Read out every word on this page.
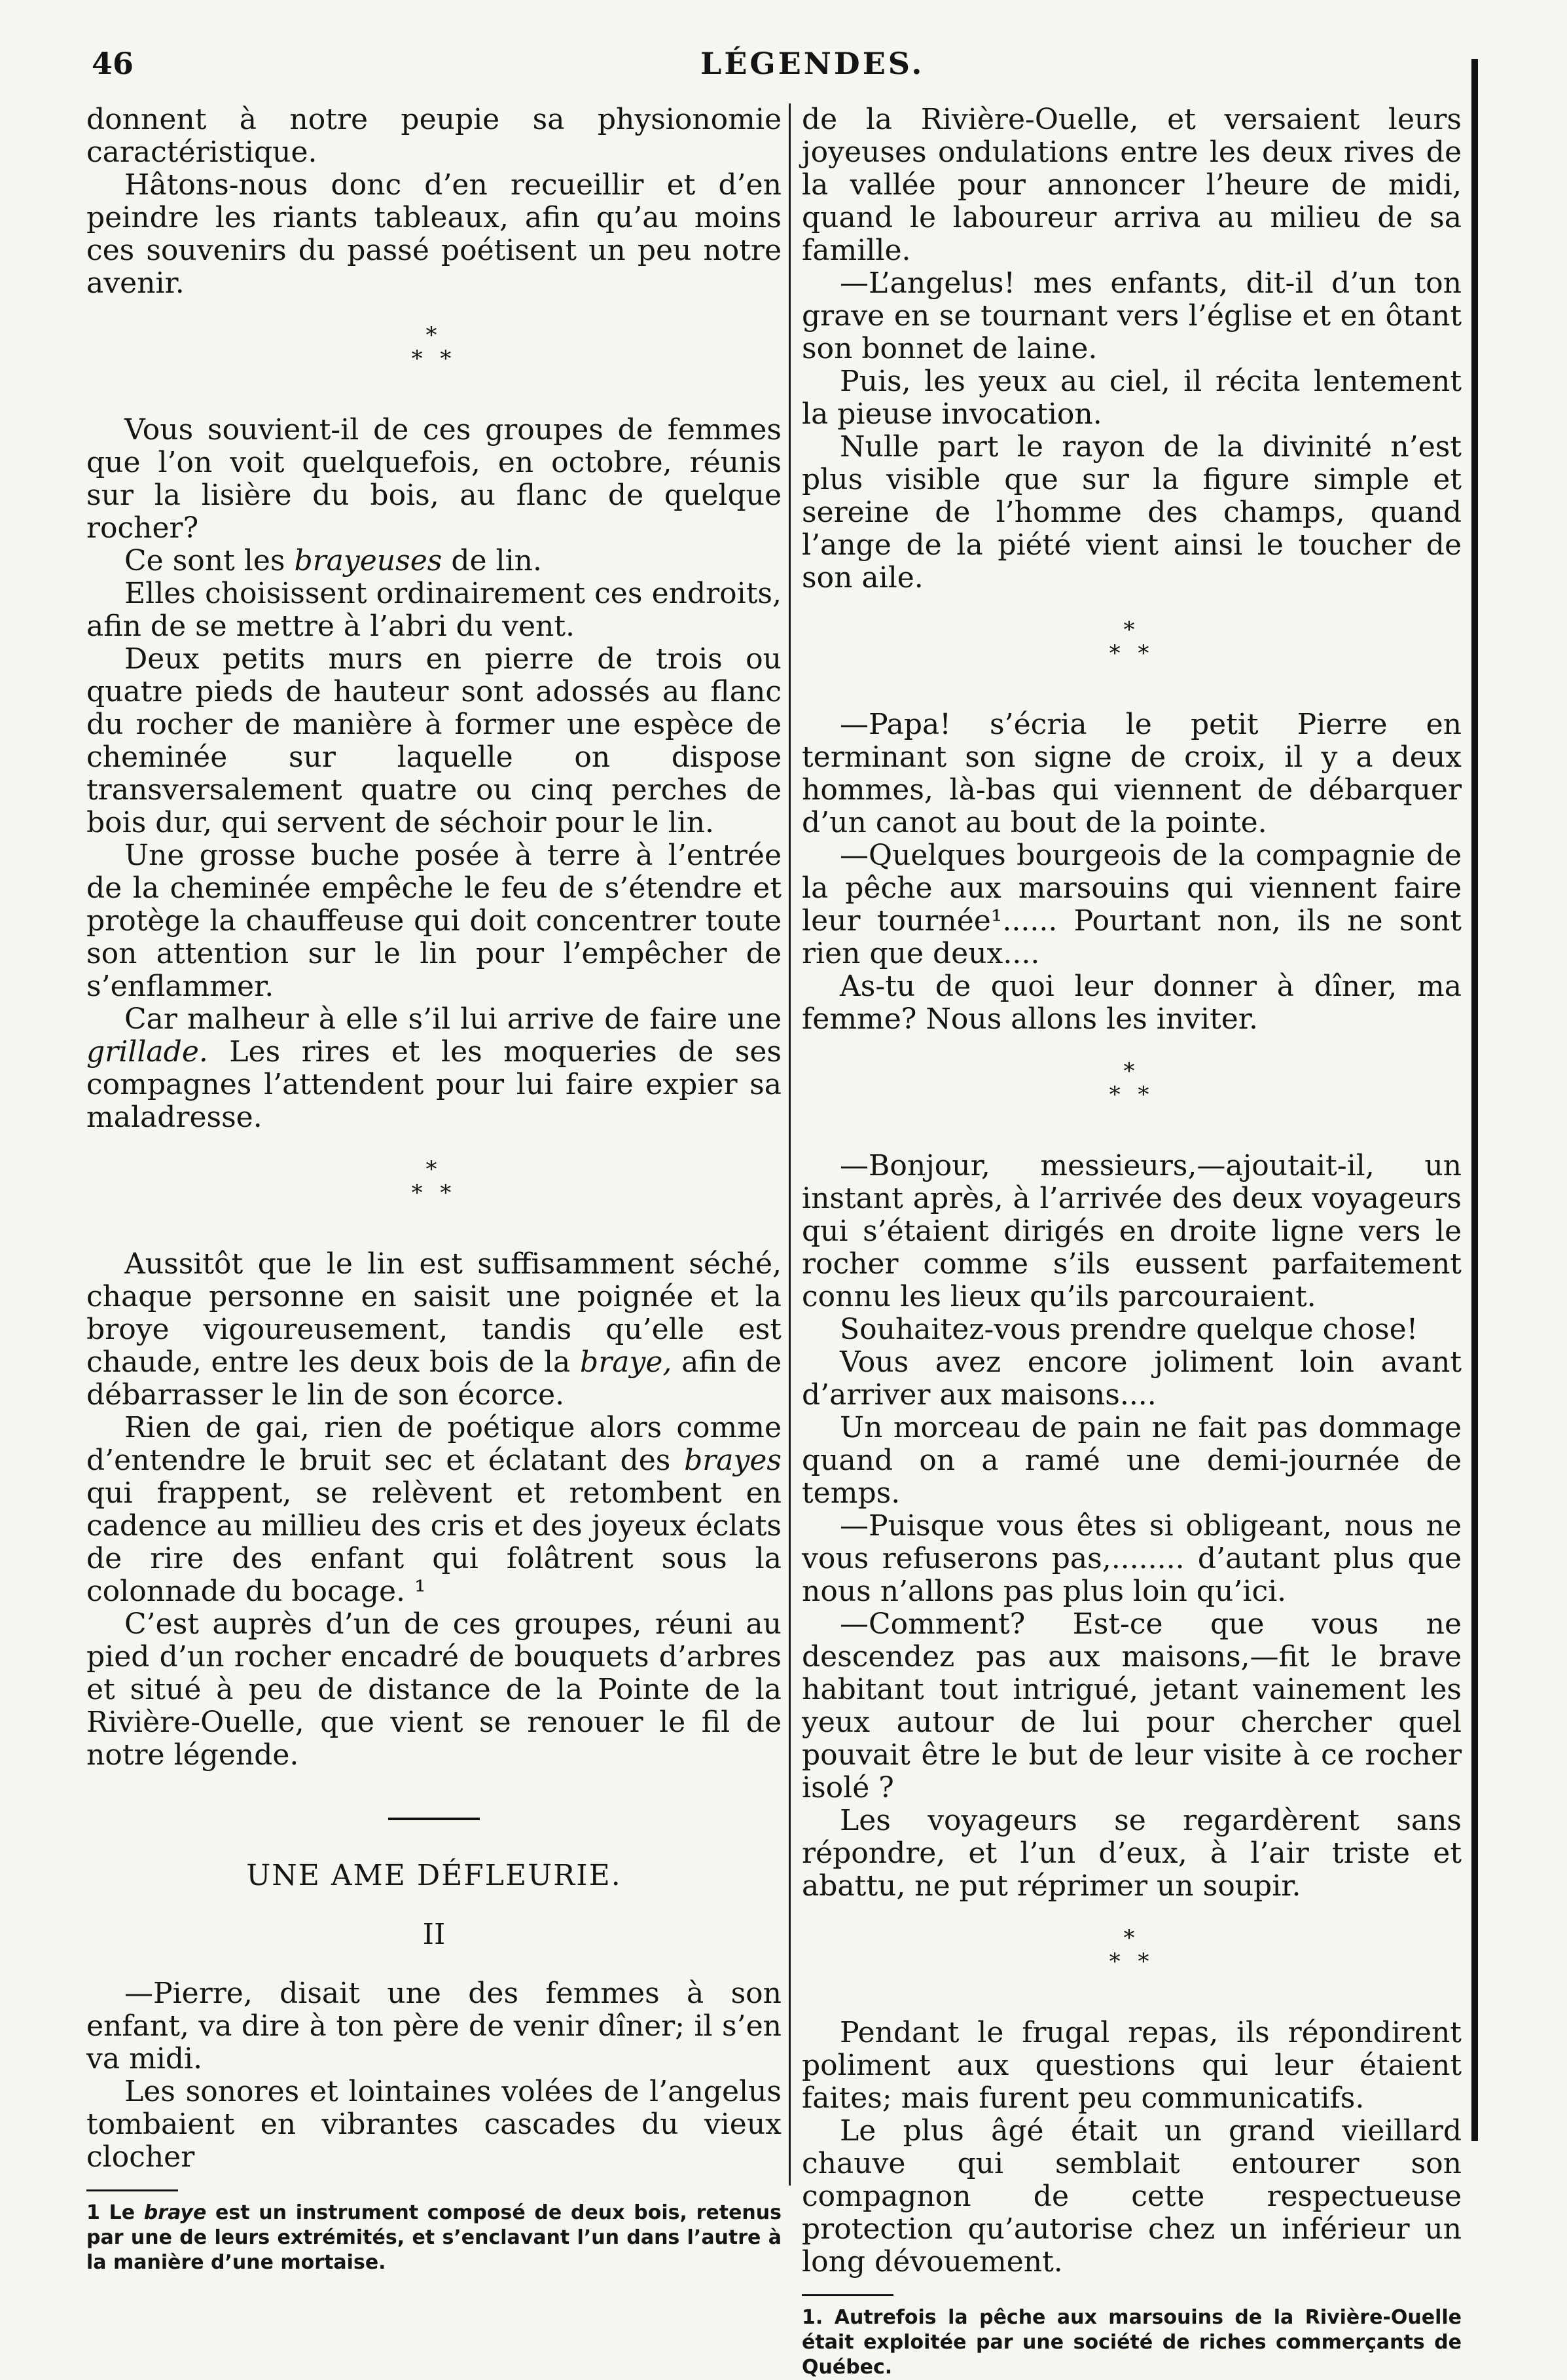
46	LÉGENDES.

donnent à notre peupie sa physionomie caractéristique.

Hâtons-nous donc d’en recueillir et d’en peindre les riants tableaux, afin qu’au moins ces souvenirs du passé poétisent un peu notre avenir.

*
* *

Vous souvient-il de ces groupes de femmes que l’on voit quelquefois, en octobre, réunis sur la lisière du bois, au flanc de quelque rocher?

Ce sont les brayeuses de lin.

Elles choisissent ordinairement ces endroits, afin de se mettre à l’abri du vent.

Deux petits murs en pierre de trois ou quatre pieds de hauteur sont adossés au flanc du rocher de manière à former une espèce de cheminée sur laquelle on dispose transversalement quatre ou cinq perches de bois dur, qui servent de séchoir pour le lin.

Une grosse buche posée à terre à l’entrée de la cheminée empêche le feu de s’étendre et protège la chauffeuse qui doit concentrer toute son attention sur le lin pour l’empêcher de s’enflammer.

Car malheur à elle s’il lui arrive de faire une grillade. Les rires et les moqueries de ses compagnes l’attendent pour lui faire expier sa maladresse.

*
* *

Aussitôt que le lin est suffisamment séché, chaque personne en saisit une poignée et la broye vigoureusement, tandis qu’elle est chaude, entre les deux bois de la braye, afin de débarrasser le lin de son écorce.

Rien de gai, rien de poétique alors comme d’entendre le bruit sec et éclatant des brayes qui frappent, se relèvent et retombent en cadence au millieu des cris et des joyeux éclats de rire des enfant qui folâtrent sous la colonnade du bocage. ¹

C’est auprès d’un de ces groupes, réuni au pied d’un rocher encadré de bouquets d’arbres et situé à peu de distance de la Pointe de la Rivière-Ouelle, que vient se renouer le fil de notre légende.

UNE AME DÉFLEURIE.

II

—Pierre, disait une des femmes à son enfant, va dire à ton père de venir dîner; il s’en va midi.

Les sonores et lointaines volées de l’angelus tombaient en vibrantes cascades du vieux clocher

1 Le braye est un instrument composé de deux bois, retenus par une de leurs extrémités, et s’enclavant l’un dans l’autre à la manière d’une mortaise.

de la Rivière-Ouelle, et versaient leurs joyeuses ondulations entre les deux rives de la vallée pour annoncer l’heure de midi, quand le laboureur arriva au milieu de sa famille.

—L’angelus! mes enfants, dit-il d’un ton grave en se tournant vers l’église et en ôtant son bonnet de laine.

Puis, les yeux au ciel, il récita lentement la pieuse invocation.

Nulle part le rayon de la divinité n’est plus visible que sur la figure simple et sereine de l’homme des champs, quand l’ange de la piété vient ainsi le toucher de son aile.

*
* *

—Papa! s’écria le petit Pierre en terminant son signe de croix, il y a deux hommes, là-bas qui viennent de débarquer d’un canot au bout de la pointe.

—Quelques bourgeois de la compagnie de la pêche aux marsouins qui viennent faire leur tournée¹...... Pourtant non, ils ne sont rien que deux....

As-tu de quoi leur donner à dîner, ma femme? Nous allons les inviter.

*
* *

—Bonjour, messieurs,—ajoutait-il, un instant après, à l’arrivée des deux voyageurs qui s’étaient dirigés en droite ligne vers le rocher comme s’ils eussent parfaitement connu les lieux qu’ils parcouraient.

Souhaitez-vous prendre quelque chose!

Vous avez encore joliment loin avant d’arriver aux maisons....

Un morceau de pain ne fait pas dommage quand on a ramé une demi-journée de temps.

—Puisque vous êtes si obligeant, nous ne vous refuserons pas,........ d’autant plus que nous n’allons pas plus loin qu’ici.

—Comment? Est-ce que vous ne descendez pas aux maisons,—fit le brave habitant tout intrigué, jetant vainement les yeux autour de lui pour chercher quel pouvait être le but de leur visite à ce rocher isolé ?

Les voyageurs se regardèrent sans répondre, et l’un d’eux, à l’air triste et abattu, ne put réprimer un soupir.

*
* *

Pendant le frugal repas, ils répondirent poliment aux questions qui leur étaient faites; mais furent peu communicatifs.

Le plus âgé était un grand vieillard chauve qui semblait entourer son compagnon de cette respectueuse protection qu’autorise chez un inférieur un long dévouement.

1. Autrefois la pêche aux marsouins de la Rivière-Ouelle était exploitée par une société de riches commerçants de Québec.
